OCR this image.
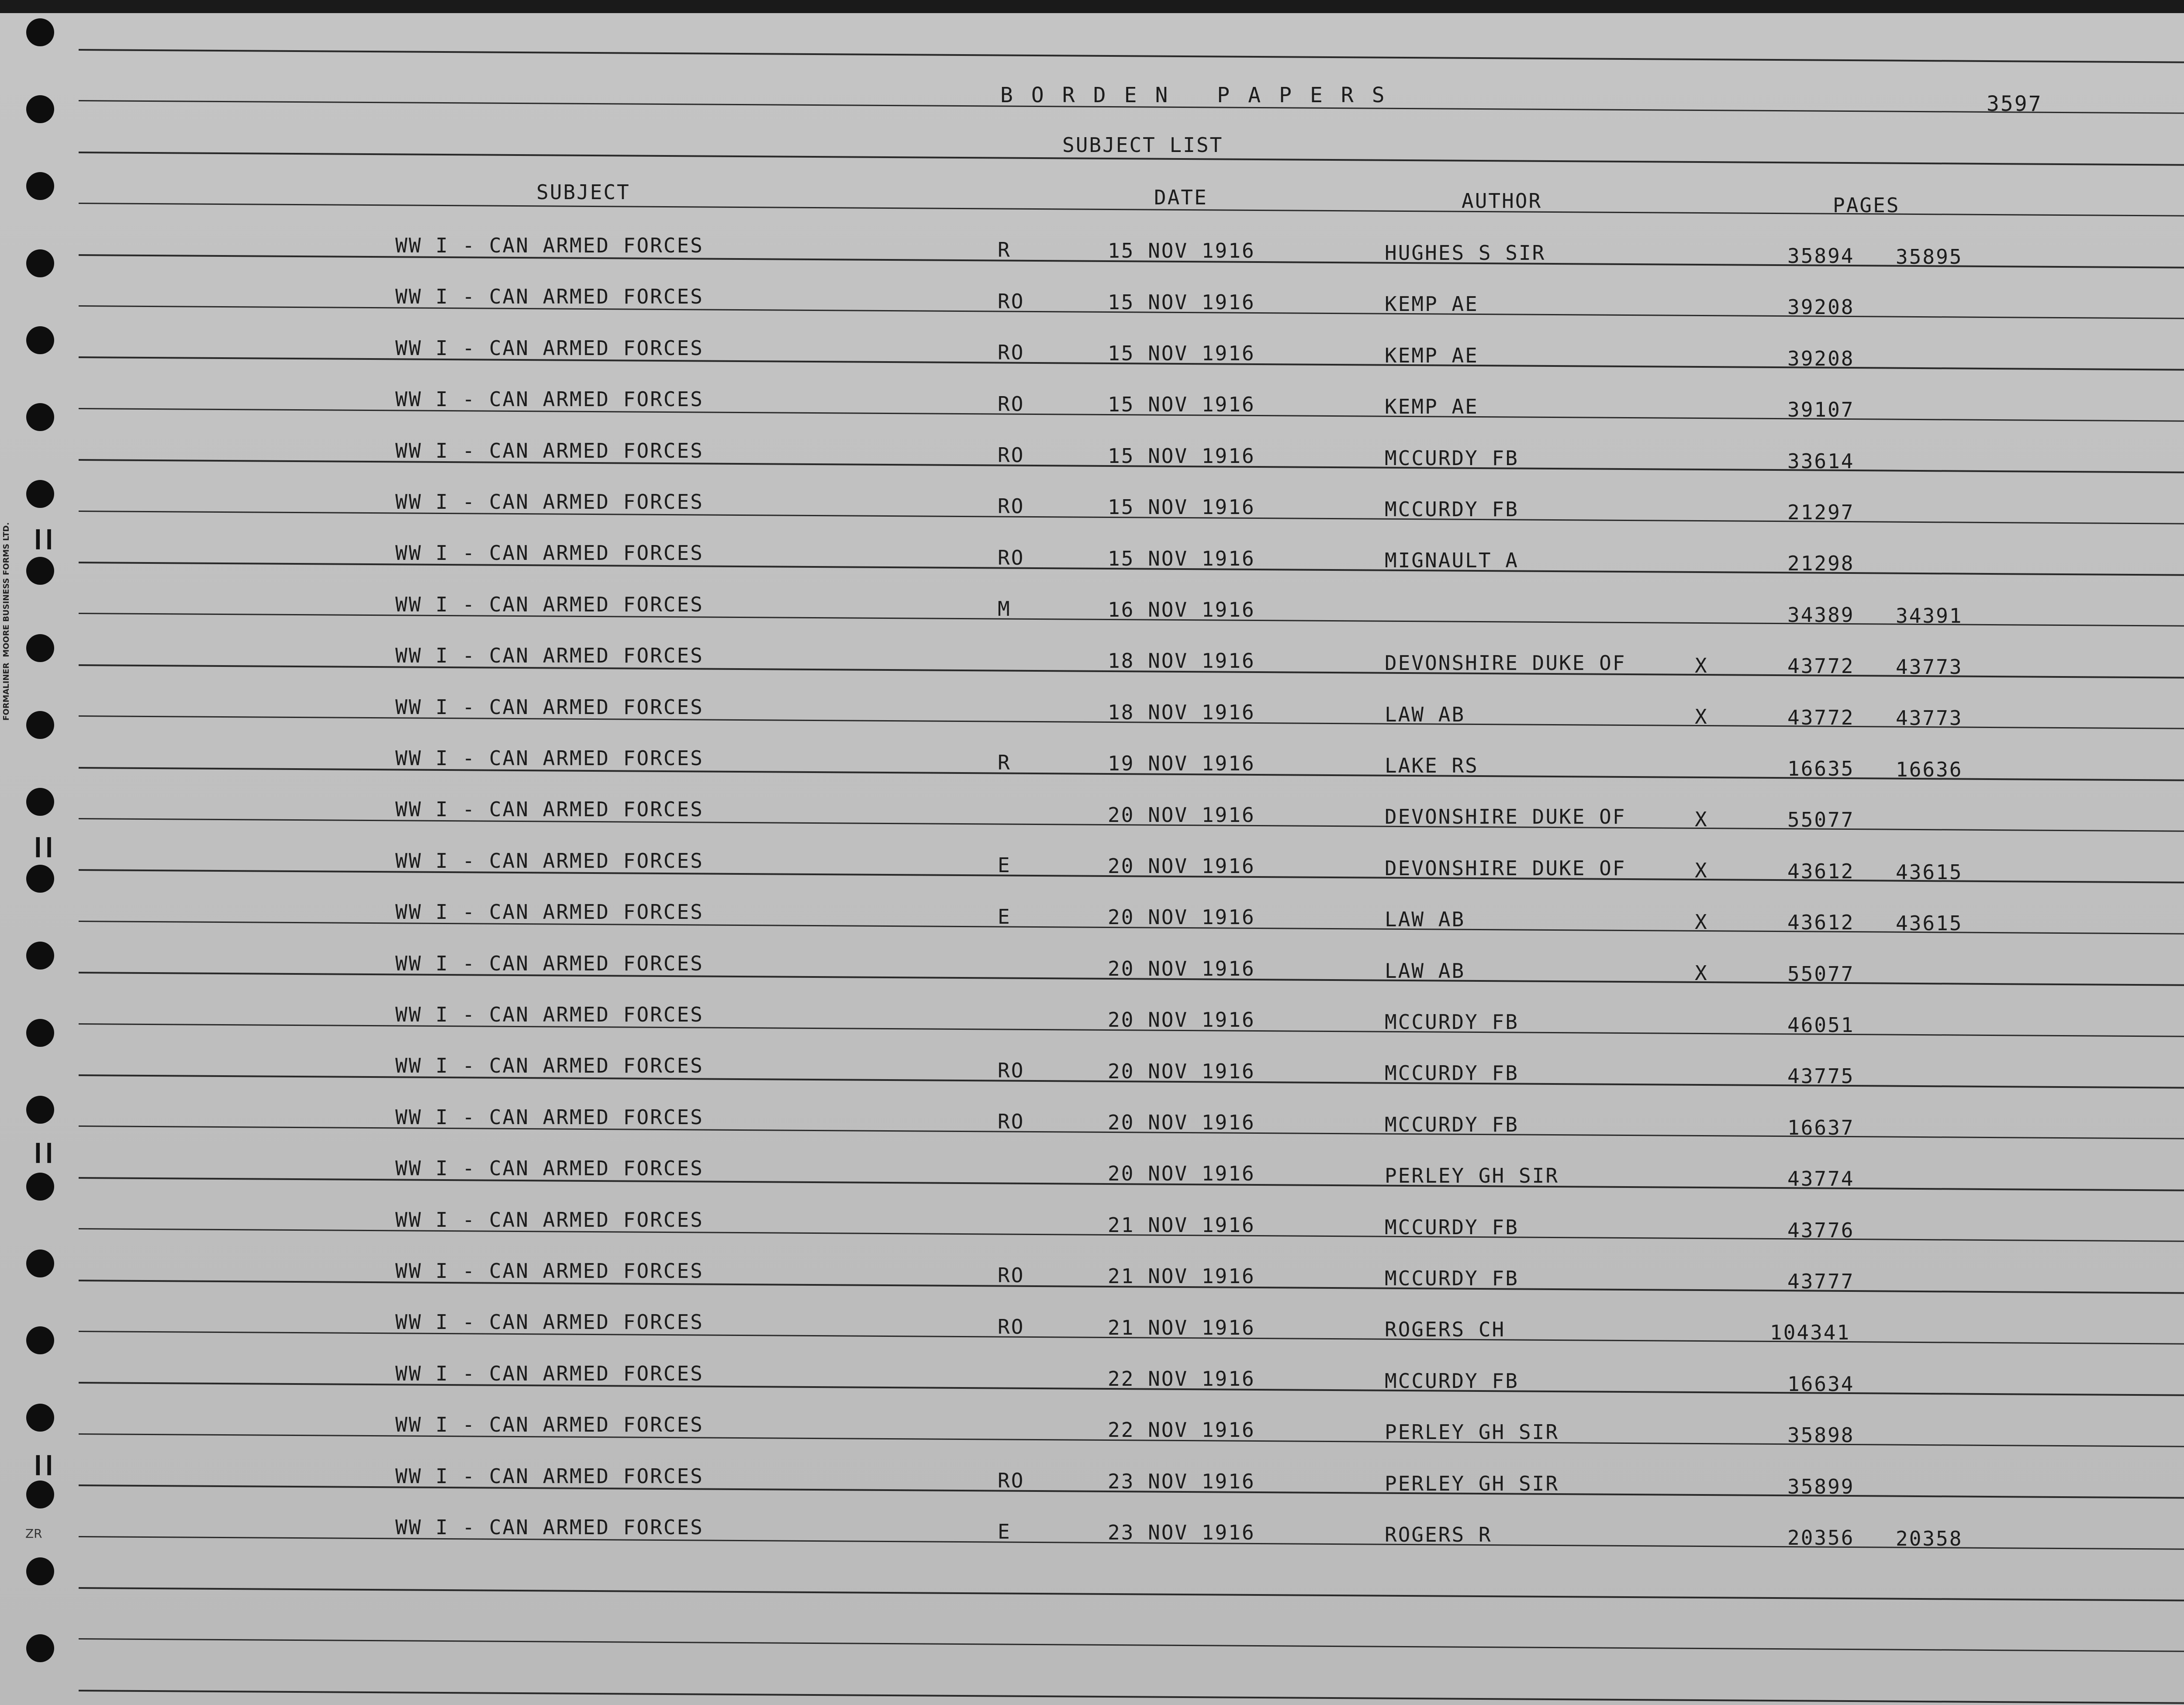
❙❙
❙❙
❙❙
❙❙
BORDEN PAPERS	3597
SUBJECT LIST
SUBJECT	DATE	AUTHOR	PAGES
WW I - CAN ARMED FORCES	R	15 NOV 1916	HUGHES S SIR	35894 35895
WW I - CAN ARMED FORCES	RO	15 NOV 1916	KEMP AE	39208
WW I - CAN ARMED FORCES	RO	15 NOV 1916	KEMP AE	39208
WW I - CAN ARMED FORCES	RO	15 NOV 1916	KEMP AE	39107
WW I - CAN ARMED FORCES	RO	15 NOV 1916	MCCURDY FB	33614
WW I - CAN ARMED FORCES	RO	15 NOV 1916	MCCURDY FB	21297
WW I - CAN ARMED FORCES	RO	15 NOV 1916	MIGNAULT A	21298
WW I - CAN ARMED FORCES	M	16 NOV 1916	34389 34391
WW I - CAN ARMED FORCES	18 NOV 1916	DEVONSHIRE DUKE OF	X	43772 43773
WW I - CAN ARMED FORCES	18 NOV 1916	LAW AB	X	43772 43773
WW I - CAN ARMED FORCES	R	19 NOV 1916	LAKE RS	16635 16636
WW I - CAN ARMED FORCES	20 NOV 1916	DEVONSHIRE DUKE OF	X	55077
WW I - CAN ARMED FORCES	E	20 NOV 1916	DEVONSHIRE DUKE OF	X	43612 43615
WW I - CAN ARMED FORCES	E	20 NOV 1916	LAW AB	X	43612 43615
WW I - CAN ARMED FORCES	20 NOV 1916	LAW AB	X	55077
WW I - CAN ARMED FORCES	20 NOV 1916	MCCURDY FB	46051
WW I - CAN ARMED FORCES	RO	20 NOV 1916	MCCURDY FB	43775
WW I - CAN ARMED FORCES	RO	20 NOV 1916	MCCURDY FB	16637
WW I - CAN ARMED FORCES	20 NOV 1916	PERLEY GH SIR	43774
WW I - CAN ARMED FORCES	21 NOV 1916	MCCURDY FB	43776
WW I - CAN ARMED FORCES	RO	21 NOV 1916	MCCURDY FB	43777
WW I - CAN ARMED FORCES	RO	21 NOV 1916	ROGERS CH	104341
WW I - CAN ARMED FORCES	22 NOV 1916	MCCURDY FB	16634
WW I - CAN ARMED FORCES	22 NOV 1916	PERLEY GH SIR	35898
WW I - CAN ARMED FORCES	RO	23 NOV 1916	PERLEY GH SIR	35899
WW I - CAN ARMED FORCES	E	23 NOV 1916	ROGERS R	20356 20358
FORMALINER  MOORE BUSINESS FORMS LTD.
ZR
